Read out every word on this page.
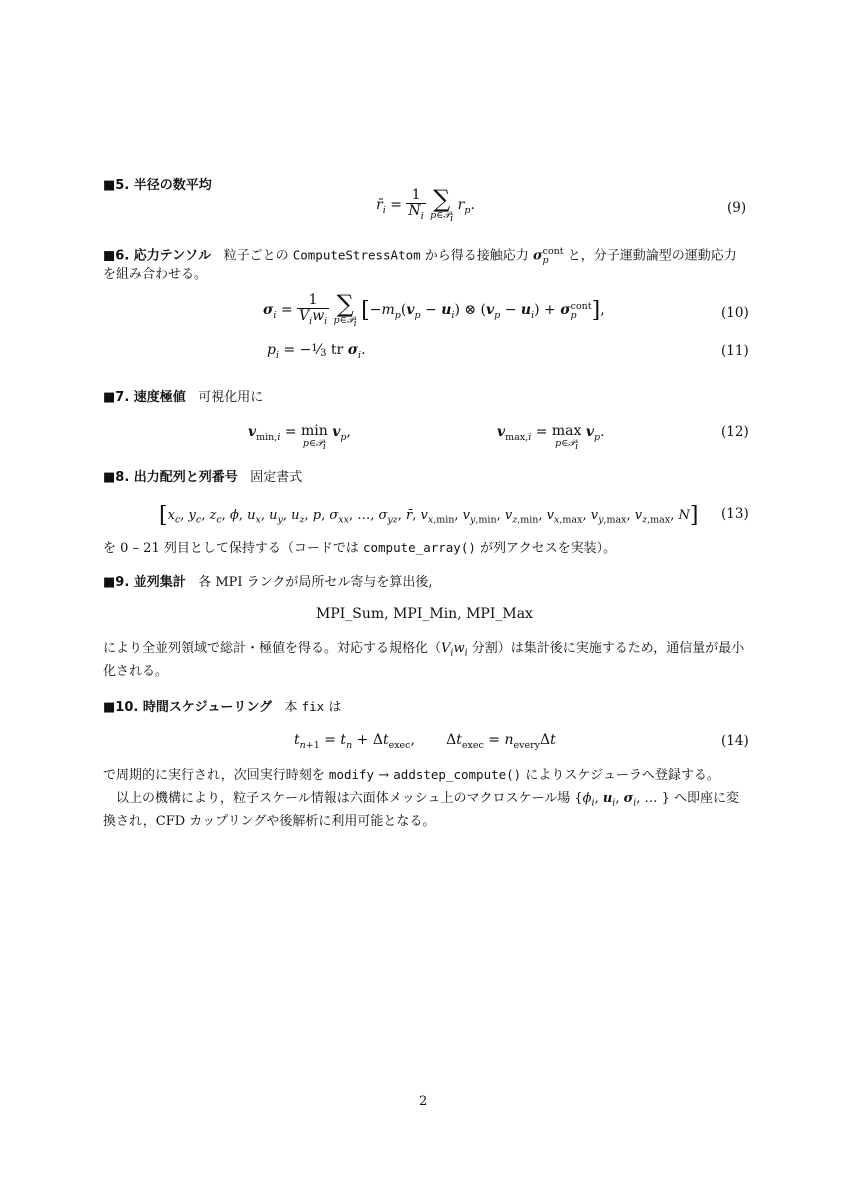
■5. 半径の数平均
$r̄_i = \frac{1}{N_i}$
∑
p∈𝒫$_i$
$r_p$.	(9)
■6. 応力テンソル 粒子ごとの ComputeStressAtom から得る接触応力 $\sigma_p^{cont}$ と，分子運動論型の運動応力
を組み合わせる。
$\sigma_i = \frac{1}{V_iw_i}$
∑
p∈𝒫$_i$
[$-m_p(v_p - u_i)$ ⊗ $(v_p - u_i) + \sigma_p^{cont}$],	(10)
$p_i$ = −$^1$⁄3 tr $\sigma_i$.	(11)
■7. 速度極値 可視化用に
$v_{min,i} = \min$
p∈𝒫$_i$
$v_p$,	$v_{max,i} = \max$
p∈𝒫$_i$
$v_p$.	(12)
■8. 出力配列と列番号 固定書式
[$x_c$, $y_c$, $z_c$, ϕ, $u_x$, $u_y$, $u_z$, p, $\sigma_{xx}$, …, $\sigma_{yz}$, r̄, $v_{x,min}$, $v_{y,min}$, $v_{z,min}$, $v_{x,max}$, $v_{y,max}$, $v_{z,max}$, N] (13)
を 0 – 21 列目として保持する（コードでは compute_array() が列アクセスを実装）。
■9. 並列集計 各 MPI ランクが局所セル寄与を算出後,
MPI_Sum, MPI_Min, MPI_Max
により全並列領域で総計・極値を得る。対応する規格化（$V_iw_i$ 分割）は集計後に実施するため，通信量が最小
化される。
■10. 時間スケジューリング 本 fix は
$t_{n+1} = t_n + \Delta t_{exec}$,       $\Delta t_{exec} = n_{every}\Delta t$	(14)
で周期的に実行され，次回実行時刻を modify → addstep_compute() によりスケジューラへ登録する。
以上の機構により，粒子スケール情報は六面体メッシュ上のマクロスケール場 {$\phi_i$, $u_i$, $\sigma_i$, … } へ即座に変
換され，CFD カップリングや後解析に利用可能となる。
2
